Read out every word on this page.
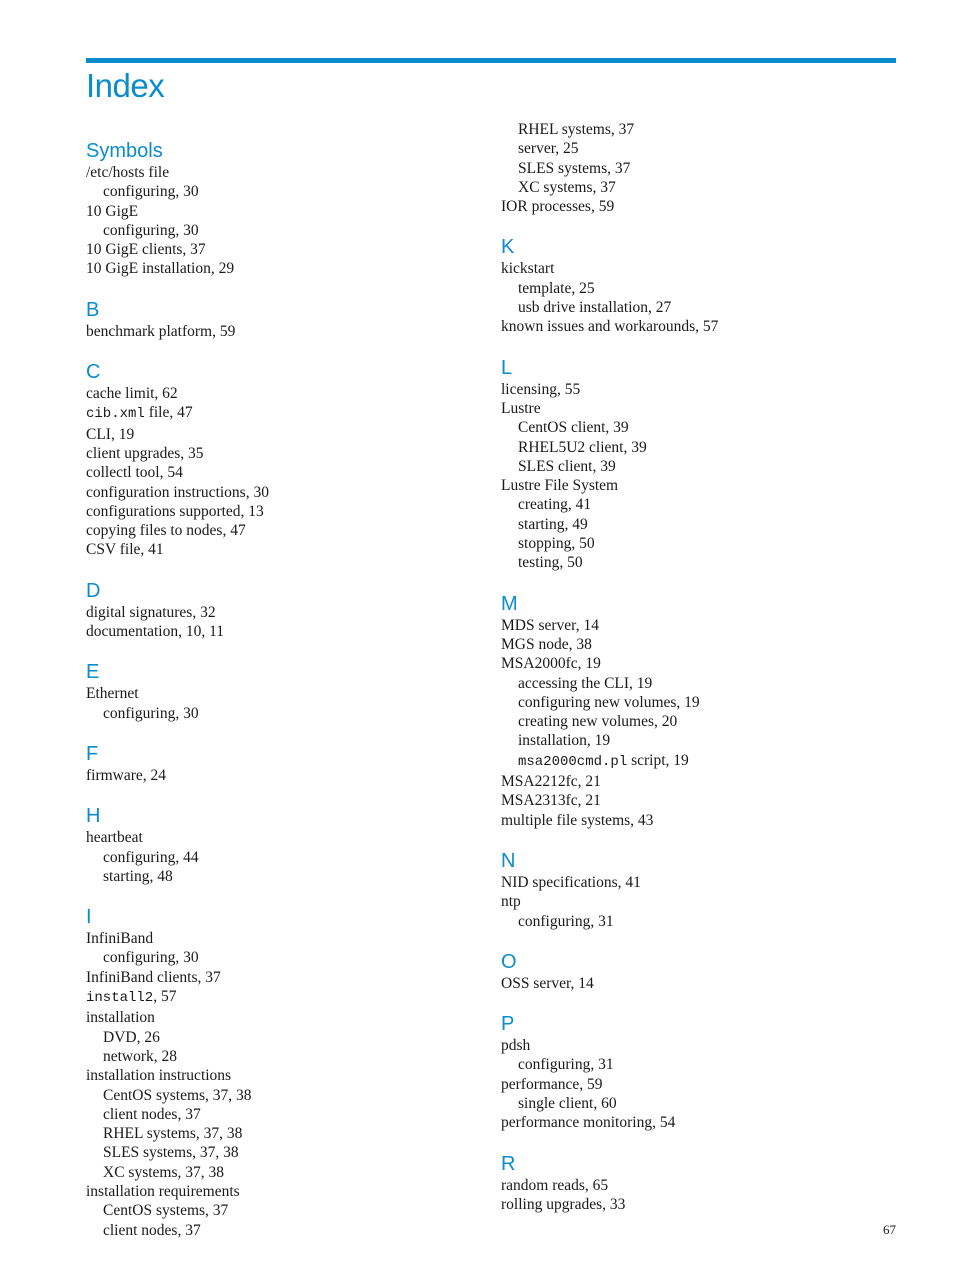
Index
Symbols
/etc/hosts file
configuring, 30
10 GigE
configuring, 30
10 GigE clients, 37
10 GigE installation, 29
B
benchmark platform, 59
C
cache limit, 62
cib.xml file, 47
CLI, 19
client upgrades, 35
collectl tool, 54
configuration instructions, 30
configurations supported, 13
copying files to nodes, 47
CSV file, 41
D
digital signatures, 32
documentation, 10, 11
E
Ethernet
configuring, 30
F
firmware, 24
H
heartbeat
configuring, 44
starting, 48
I
InfiniBand
configuring, 30
InfiniBand clients, 37
install2, 57
installation
DVD, 26
network, 28
installation instructions
CentOS systems, 37, 38
client nodes, 37
RHEL systems, 37, 38
SLES systems, 37, 38
XC systems, 37, 38
installation requirements
CentOS systems, 37
client nodes, 37
RHEL systems, 37
server, 25
SLES systems, 37
XC systems, 37
IOR processes, 59
K
kickstart
template, 25
usb drive installation, 27
known issues and workarounds, 57
L
licensing, 55
Lustre
CentOS client, 39
RHEL5U2 client, 39
SLES client, 39
Lustre File System
creating, 41
starting, 49
stopping, 50
testing, 50
M
MDS server, 14
MGS node, 38
MSA2000fc, 19
accessing the CLI, 19
configuring new volumes, 19
creating new volumes, 20
installation, 19
msa2000cmd.pl script, 19
MSA2212fc, 21
MSA2313fc, 21
multiple file systems, 43
N
NID specifications, 41
ntp
configuring, 31
O
OSS server, 14
P
pdsh
configuring, 31
performance, 59
single client, 60
performance monitoring, 54
R
random reads, 65
rolling upgrades, 33
67
